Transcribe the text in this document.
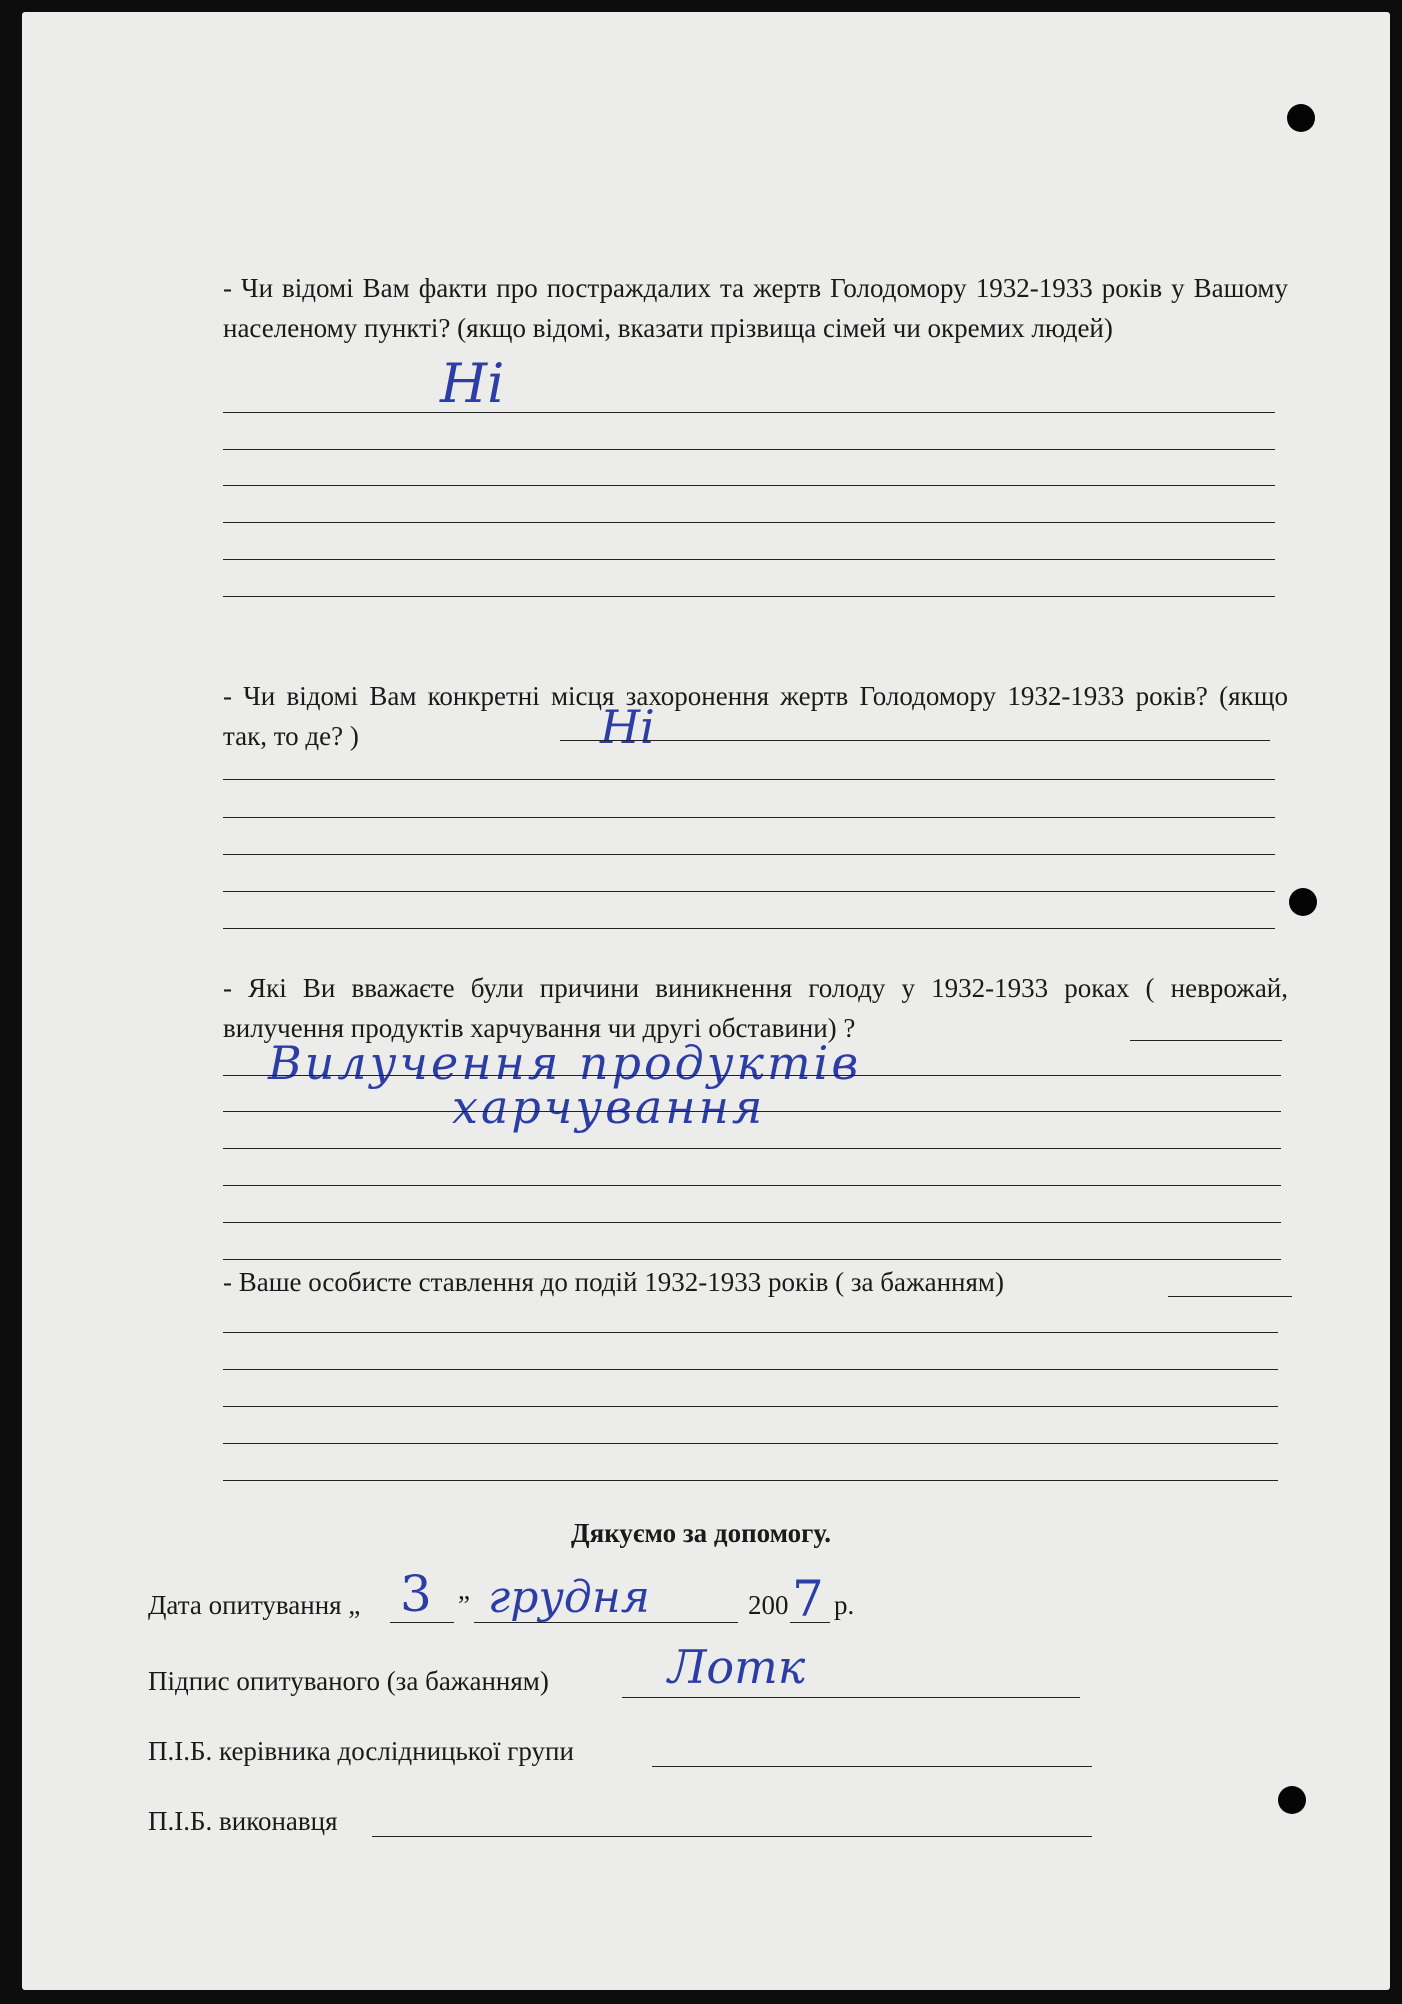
- Чи відомі Вам факти про постраждалих та жертв Голодомору 1932-1933 років у Вашому населеному пункті? (якщо відомі, вказати прізвища сімей чи окремих людей)

Ні

- Чи відомі Вам конкретні місця захоронення жертв Голодомору 1932-1933 років? (якщо так, то де? )	Ні

- Які Ви вважаєте були причини виникнення голоду у 1932-1933 роках ( неврожай, вилучення продуктів харчування чи другі обставини) ?

Вилучення продуктів

харчування

- Ваше особисте ставлення до подій 1932-1933 років ( за бажанням)

Дякуємо за допомогу.

Дата опитування „ 3 ” грудня	200 7 р.
Підпис опитуваного (за бажанням)	Лотк
П.І.Б. керівника дослідницької групи
П.І.Б. виконавця
